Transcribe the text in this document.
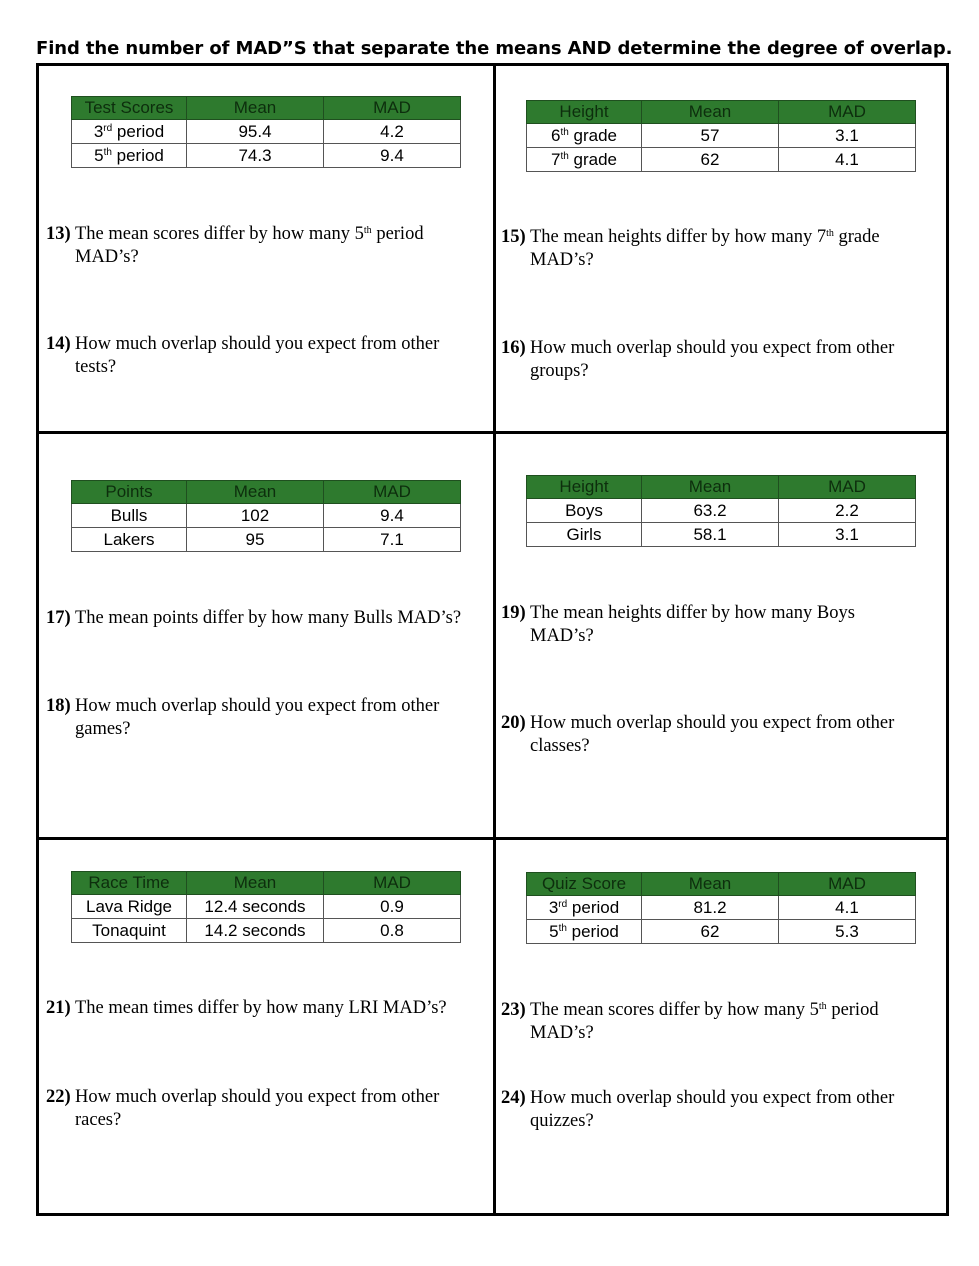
Find the number of MAD”S that separate the means AND determine the degree of overlap.
Test Scores	Mean	MAD
3rd period	95.4	4.2
5th period	74.3	9.4
13) The mean scores differ by how many 5th period MAD’s?
14) How much overlap should you expect from other tests?
Height	Mean	MAD
6th grade	57	3.1
7th grade	62	4.1
15) The mean heights differ by how many 7th grade MAD’s?
16) How much overlap should you expect from other groups?
Points	Mean	MAD
Bulls	102	9.4
Lakers	95	7.1
17) The mean points differ by how many Bulls MAD’s?
18) How much overlap should you expect from other games?
Height	Mean	MAD
Boys	63.2	2.2
Girls	58.1	3.1
19) The mean heights differ by how many Boys MAD’s?
20) How much overlap should you expect from other classes?
Race Time	Mean	MAD
Lava Ridge	12.4 seconds	0.9
Tonaquint	14.2 seconds	0.8
21) The mean times differ by how many LRI MAD’s?
22) How much overlap should you expect from other races?
Quiz Score	Mean	MAD
3rd period	81.2	4.1
5th period	62	5.3
23) The mean scores differ by how many 5th period MAD’s?
24) How much overlap should you expect from other quizzes?
